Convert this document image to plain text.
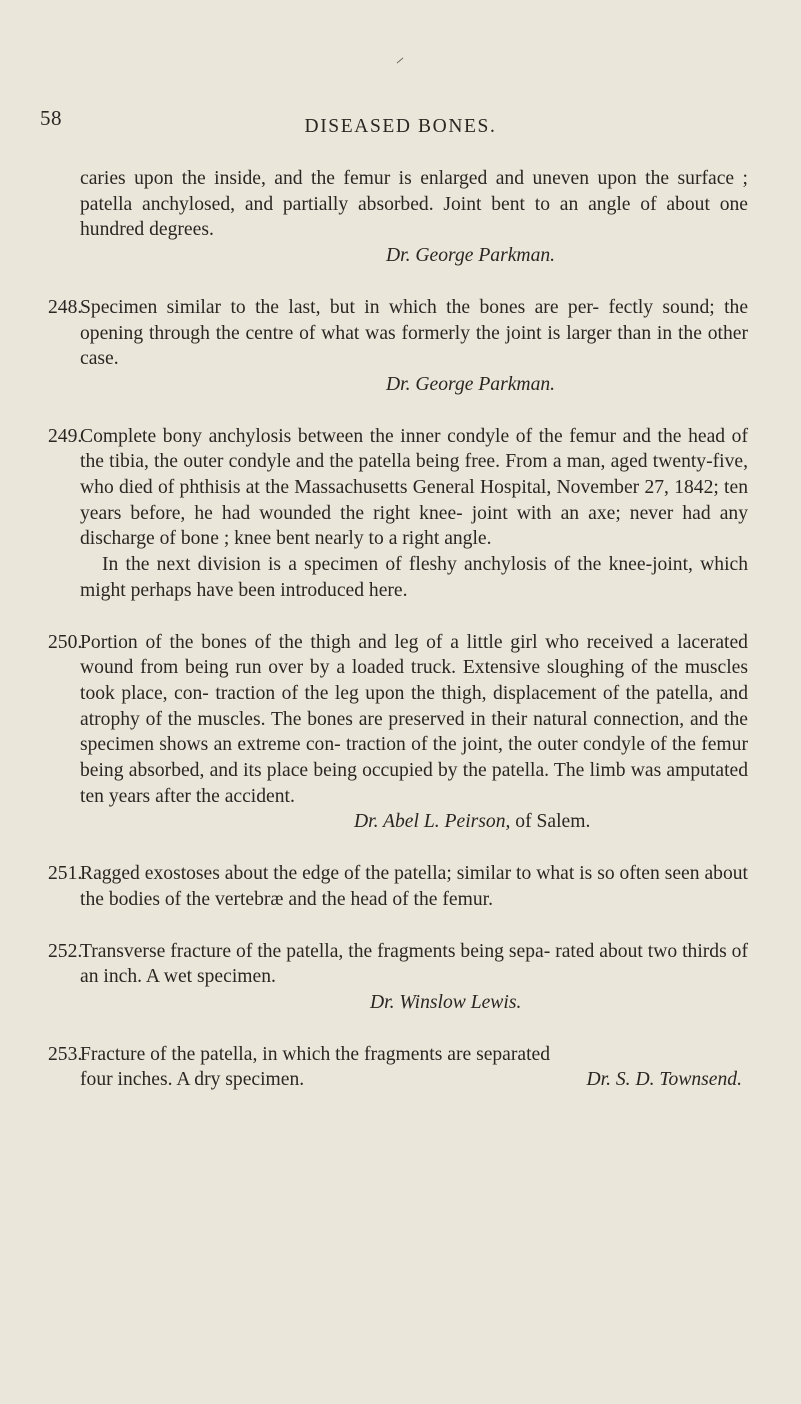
58	DISEASED BONES.

caries upon the inside, and the femur is enlarged and uneven upon the surface ; patella anchylosed, and partially absorbed. Joint bent to an angle of about one hundred degrees.

Dr. George Parkman.

248.Specimen similar to the last, but in which the bones are per- fectly sound; the opening through the centre of what was formerly the joint is larger than in the other case.

Dr. George Parkman.

249.Complete bony anchylosis between the inner condyle of the femur and the head of the tibia, the outer condyle and the patella being free. From a man, aged twenty-five, who died of phthisis at the Massachusetts General Hospital, November 27, 1842; ten years before, he had wounded the right knee- joint with an axe; never had any discharge of bone ; knee bent nearly to a right angle.

In the next division is a specimen of fleshy anchylosis of the knee-joint, which might perhaps have been introduced here.

250.Portion of the bones of the thigh and leg of a little girl who received a lacerated wound from being run over by a loaded truck. Extensive sloughing of the muscles took place, con- traction of the leg upon the thigh, displacement of the patella, and atrophy of the muscles. The bones are preserved in their natural connection, and the specimen shows an extreme con- traction of the joint, the outer condyle of the femur being absorbed, and its place being occupied by the patella. The limb was amputated ten years after the accident.

Dr. Abel L. Peirson, of Salem.

251.Ragged exostoses about the edge of the patella; similar to what is so often seen about the bodies of the vertebræ and the head of the femur.

252.Transverse fracture of the patella, the fragments being sepa- rated about two thirds of an inch. A wet specimen.

Dr. Winslow Lewis.

253.Fracture of the patella, in which the fragments are separated

four inches. A dry specimen.	Dr. S. D. Townsend.
